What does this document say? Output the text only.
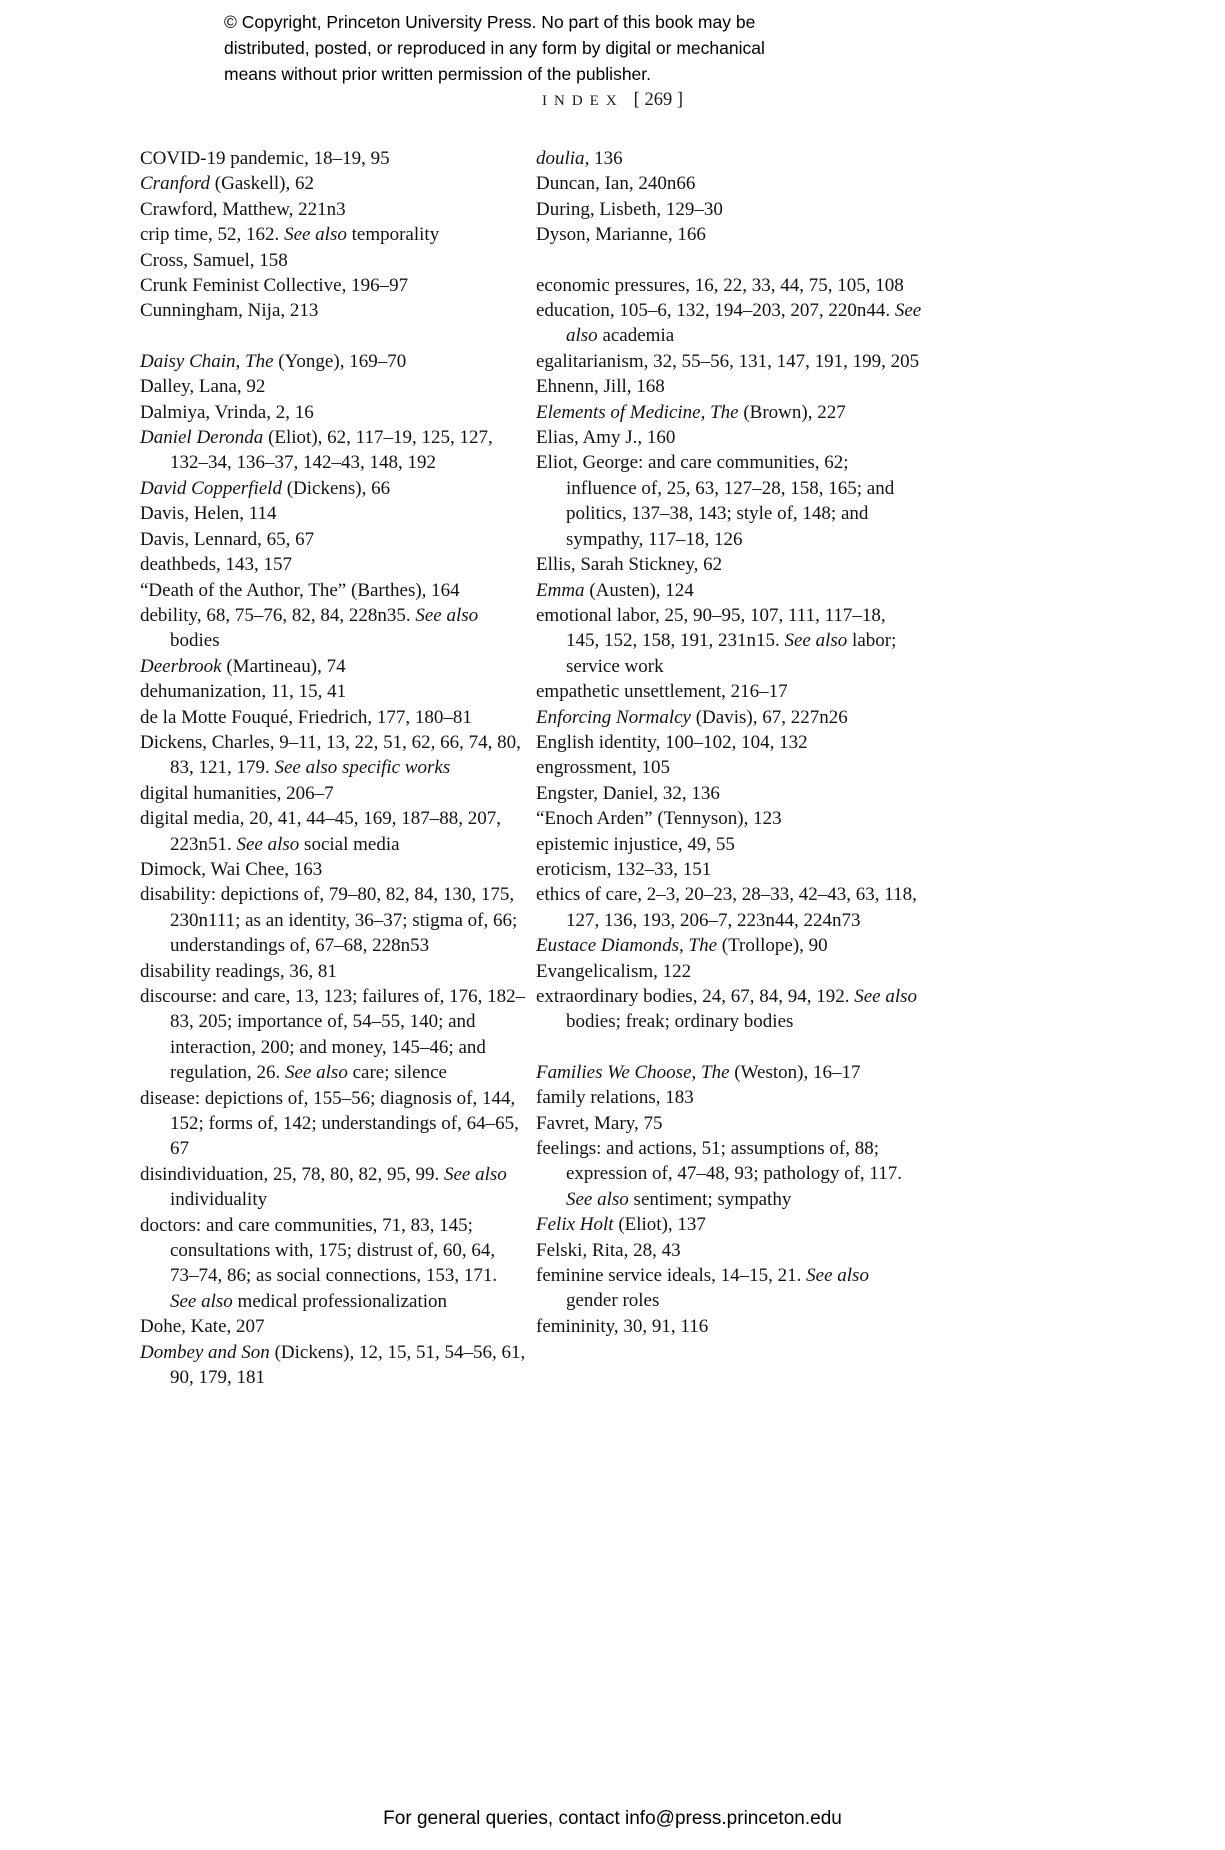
© Copyright, Princeton University Press. No part of this book may be distributed, posted, or reproduced in any form by digital or mechanical means without prior written permission of the publisher.
INDEX [ 269 ]
COVID-19 pandemic, 18–19, 95
Cranford (Gaskell), 62
Crawford, Matthew, 221n3
crip time, 52, 162. See also temporality
Cross, Samuel, 158
Crunk Feminist Collective, 196–97
Cunningham, Nija, 213
Daisy Chain, The (Yonge), 169–70
Dalley, Lana, 92
Dalmiya, Vrinda, 2, 16
Daniel Deronda (Eliot), 62, 117–19, 125, 127, 132–34, 136–37, 142–43, 148, 192
David Copperfield (Dickens), 66
Davis, Helen, 114
Davis, Lennard, 65, 67
deathbeds, 143, 157
“Death of the Author, The” (Barthes), 164
debility, 68, 75–76, 82, 84, 228n35. See also bodies
Deerbrook (Martineau), 74
dehumanization, 11, 15, 41
de la Motte Fouqué, Friedrich, 177, 180–81
Dickens, Charles, 9–11, 13, 22, 51, 62, 66, 74, 80, 83, 121, 179. See also specific works
digital humanities, 206–7
digital media, 20, 41, 44–45, 169, 187–88, 207, 223n51. See also social media
Dimock, Wai Chee, 163
disability: depictions of, 79–80, 82, 84, 130, 175, 230n111; as an identity, 36–37; stigma of, 66; understandings of, 67–68, 228n53
disability readings, 36, 81
discourse: and care, 13, 123; failures of, 176, 182–83, 205; importance of, 54–55, 140; and interaction, 200; and money, 145–46; and regulation, 26. See also care; silence
disease: depictions of, 155–56; diagnosis of, 144, 152; forms of, 142; understandings of, 64–65, 67
disindividuation, 25, 78, 80, 82, 95, 99. See also individuality
doctors: and care communities, 71, 83, 145; consultations with, 175; distrust of, 60, 64, 73–74, 86; as social connections, 153, 171. See also medical professionalization
Dohe, Kate, 207
Dombey and Son (Dickens), 12, 15, 51, 54–56, 61, 90, 179, 181
doulia, 136
Duncan, Ian, 240n66
During, Lisbeth, 129–30
Dyson, Marianne, 166
economic pressures, 16, 22, 33, 44, 75, 105, 108
education, 105–6, 132, 194–203, 207, 220n44. See also academia
egalitarianism, 32, 55–56, 131, 147, 191, 199, 205
Ehnenn, Jill, 168
Elements of Medicine, The (Brown), 227
Elias, Amy J., 160
Eliot, George: and care communities, 62; influence of, 25, 63, 127–28, 158, 165; and politics, 137–38, 143; style of, 148; and sympathy, 117–18, 126
Ellis, Sarah Stickney, 62
Emma (Austen), 124
emotional labor, 25, 90–95, 107, 111, 117–18, 145, 152, 158, 191, 231n15. See also labor; service work
empathetic unsettlement, 216–17
Enforcing Normalcy (Davis), 67, 227n26
English identity, 100–102, 104, 132
engrossment, 105
Engster, Daniel, 32, 136
“Enoch Arden” (Tennyson), 123
epistemic injustice, 49, 55
eroticism, 132–33, 151
ethics of care, 2–3, 20–23, 28–33, 42–43, 63, 118, 127, 136, 193, 206–7, 223n44, 224n73
Eustace Diamonds, The (Trollope), 90
Evangelicalism, 122
extraordinary bodies, 24, 67, 84, 94, 192. See also bodies; freak; ordinary bodies
Families We Choose, The (Weston), 16–17
family relations, 183
Favret, Mary, 75
feelings: and actions, 51; assumptions of, 88; expression of, 47–48, 93; pathology of, 117. See also sentiment; sympathy
Felix Holt (Eliot), 137
Felski, Rita, 28, 43
feminine service ideals, 14–15, 21. See also gender roles
femininity, 30, 91, 116
For general queries, contact info@press.princeton.edu
